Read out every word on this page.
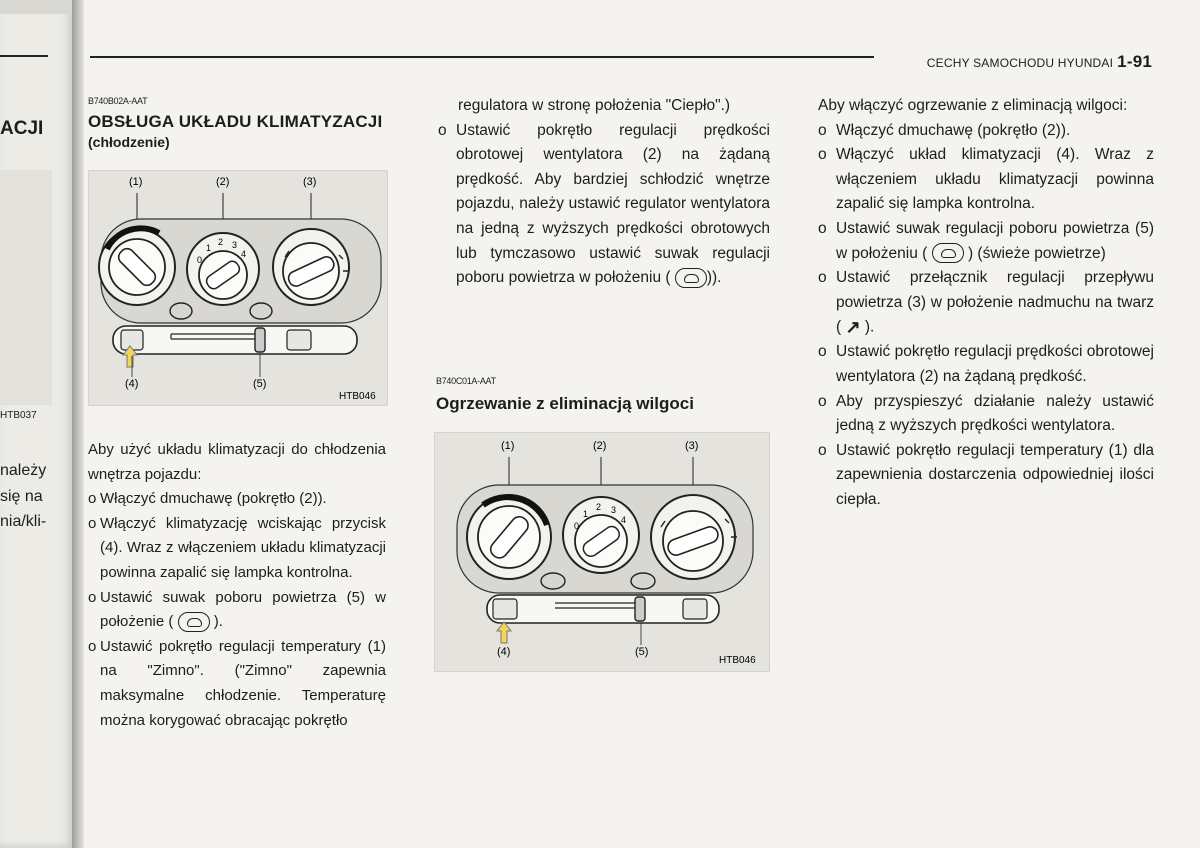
ACJI
HTB037
należy
się na
nia/kli-
CECHY SAMOCHODU HYUNDAI 1-91
B740B02A-AAT
OBSŁUGA UKŁADU KLIMATYZACJI
(chłodzenie)
0
1
2 3
4
(1)	(2)	(3)
(4)	(5)
HTB046
Aby użyć układu klimatyzacji do chłodzenia wnętrza pojazdu:
o Włączyć dmuchawę (pokrętło (2)).
o Włączyć klimatyzację wciskając przycisk (4). Wraz z włączeniem układu klimatyzacji powinna zapalić się lampka kontrolna.
o Ustawić suwak poboru powietrza (5) w położenie (	).
o Ustawić pokrętło regulacji temperatury (1) na "Zimno". ("Zimno" zapewnia maksymalne chłodzenie. Temperaturę można korygować obracając pokrętło
regulatora w stronę położenia "Ciepło".)
o Ustawić pokrętło regulacji prędkości obrotowej wentylatora (2) na żądaną prędkość. Aby bardziej schłodzić wnętrze pojazdu, należy ustawić regulator wentylatora na jedną z wyższych prędkości obrotowych lub tymczasowo ustawić suwak regulacji poboru powietrza w położeniu ( )).
B740C01A-AAT
Ogrzewanie z eliminacją wilgoci
0
1
2 3
4
(1)	(2)	(3)
(4)	(5)
HTB046
Aby włączyć ogrzewanie z eliminacją wilgoci:
o Włączyć dmuchawę (pokrętło (2)).
o Włączyć układ klimatyzacji (4). Wraz z włączeniem układu klimatyzacji powinna zapalić się lampka kontrolna.
o Ustawić suwak regulacji poboru powietrza (5) w położeniu (	) (świeże powietrze)
o Ustawić przełącznik regulacji przepływu powietrza (3) w położenie nadmuchu na twarz ( ↗ ).
o Ustawić pokrętło regulacji prędkości obrotowej wentylatora (2) na żądaną prędkość.
o Aby przyspieszyć działanie należy ustawić jedną z wyższych prędkości wentylatora.
o Ustawić pokrętło regulacji temperatury (1) dla zapewnienia dostarczenia odpowiedniej ilości ciepła.
